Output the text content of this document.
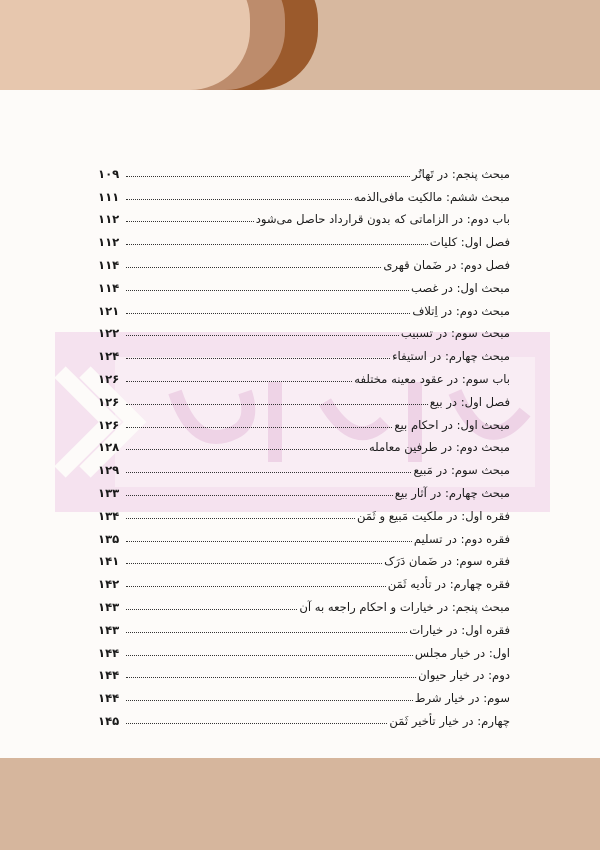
مبحث پنجم: در تَهاتُر
۱۰۹
مبحث ششم: مالکیت مافی‌الذمه
۱۱۱
باب دوم: در الزاماتی که بدون قرارداد حاصل می‌شود
۱۱۲
فصل اول: کلیات
۱۱۲
فصل دوم: در ضَمان قهری
۱۱۴
مبحث اول: در غصب
۱۱۴
مبحث دوم: در اِتلاف
۱۲۱
مبحث سوم: در تسبیب
۱۲۲
مبحث چهارم: در استیفاء
۱۲۴
باب سوم: در عقود معینه مختلفه
۱۲۶
فصل اول: در بیع
۱۲۶
مبحث اول: در احکام بیع
۱۲۶
مبحث دوم: در طرفین معامله
۱۲۸
مبحث سوم: در مَبیع
۱۲۹
مبحث چهارم: در آثار بیع
۱۳۳
فقره اول: در ملکیت مَبیع و ثَمَن
۱۳۴
فقره دوم: در تسلیم
۱۳۵
فقره سوم: در ضَمان دَرَک
۱۴۱
فقره چهارم: در تأدیه ثَمَن
۱۴۲
مبحث پنجم: در خیارات و احکام راجعه به آن
۱۴۳
فقره اول: در خیارات
۱۴۳
اول: در خیار مجلس
۱۴۴
دوم: در خیار حیوان
۱۴۴
سوم: در خیار شرط
۱۴۴
چهارم: در خیار تأخیر ثَمَن
۱۴۵
